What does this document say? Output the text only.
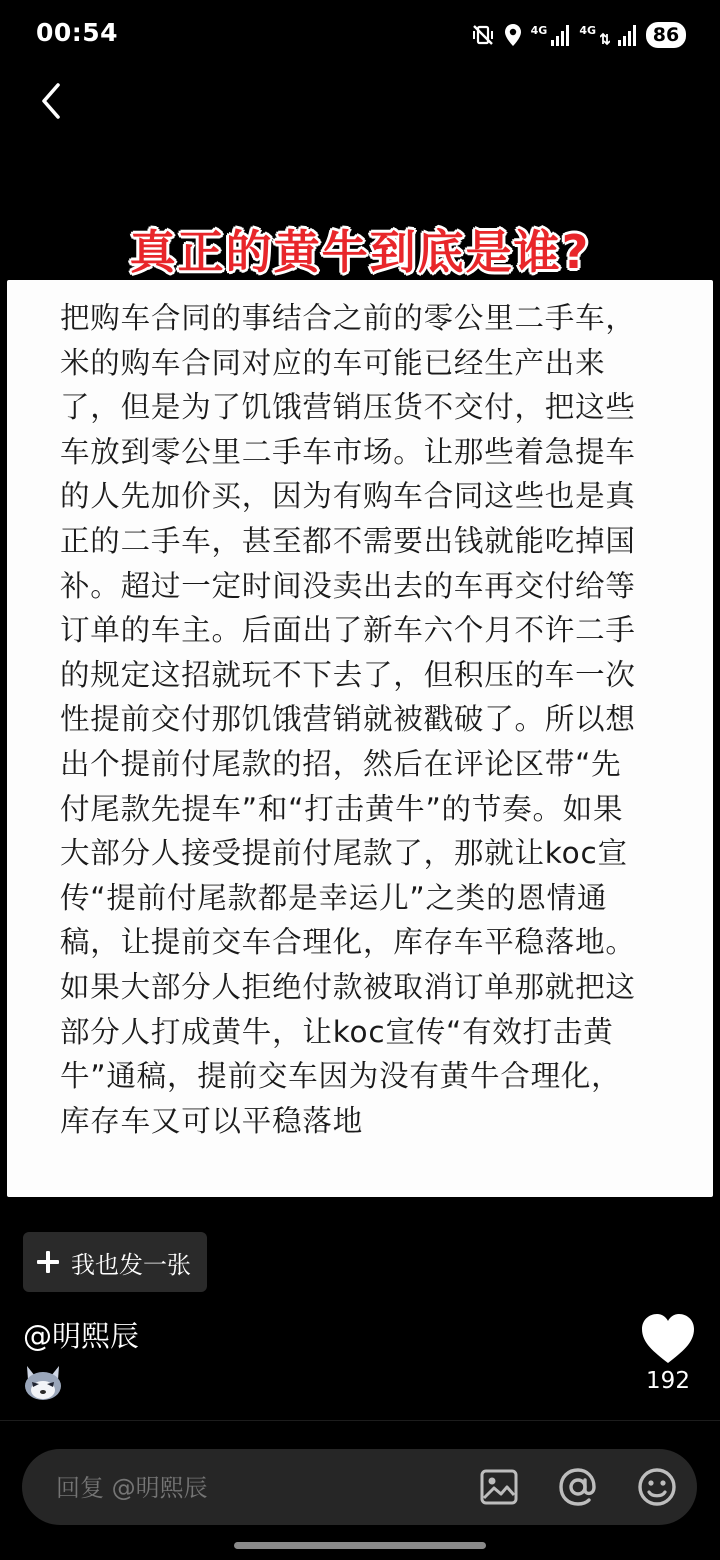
00:54	4G	4G	86
真正的黄牛到底是谁?

把购车合同的事结合之前的零公里二手车，
米的购车合同对应的车可能已经生产出来
了，但是为了饥饿营销压货不交付，把这些
车放到零公里二手车市场。让那些着急提车
的人先加价买，因为有购车合同这些也是真
正的二手车，甚至都不需要出钱就能吃掉国
补。超过一定时间没卖出去的车再交付给等
订单的车主。后面出了新车六个月不许二手
的规定这招就玩不下去了，但积压的车一次
性提前交付那饥饿营销就被戳破了。所以想
出个提前付尾款的招，然后在评论区带“先
付尾款先提车”和“打击黄牛”的节奏。如果
大部分人接受提前付尾款了，那就让koc宣
传“提前付尾款都是幸运儿”之类的恩情通
稿，让提前交车合理化，库存车平稳落地。
如果大部分人拒绝付款被取消订单那就把这
部分人打成黄牛，让koc宣传“有效打击黄
牛”通稿，提前交车因为没有黄牛合理化，
库存车又可以平稳落地

我也发一张
@明熙辰
192
回复 @明熙辰
